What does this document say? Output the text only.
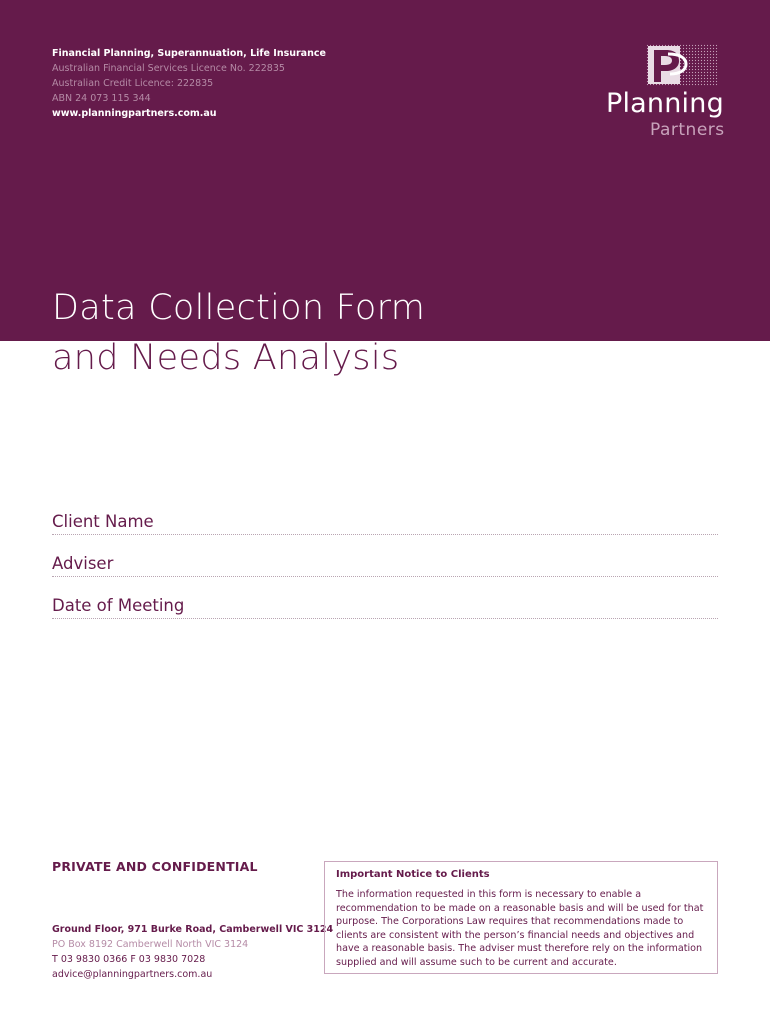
Financial Planning, Superannuation, Life Insurance
Australian Financial Services Licence No. 222835
Australian Credit Licence: 222835
ABN 24 073 115 344
www.planningpartners.com.au	Planning
Partners
Data Collection Form
and Needs Analysis
Client Name
Adviser
Date of Meeting
PRIVATE AND CONFIDENTIAL
Ground Floor, 971 Burke Road, Camberwell VIC 3124
PO Box 8192 Camberwell North VIC 3124
T 03 9830 0366 F 03 9830 7028
advice@planningpartners.com.au
Important Notice to Clients
The information requested in this form is necessary to enable a recommendation to be made on a reasonable basis and will be used for that purpose. The Corporations Law requires that recommendations made to clients are consistent with the person’s financial needs and objectives and have a reasonable basis. The adviser must therefore rely on the information supplied and will assume such to be current and accurate.
